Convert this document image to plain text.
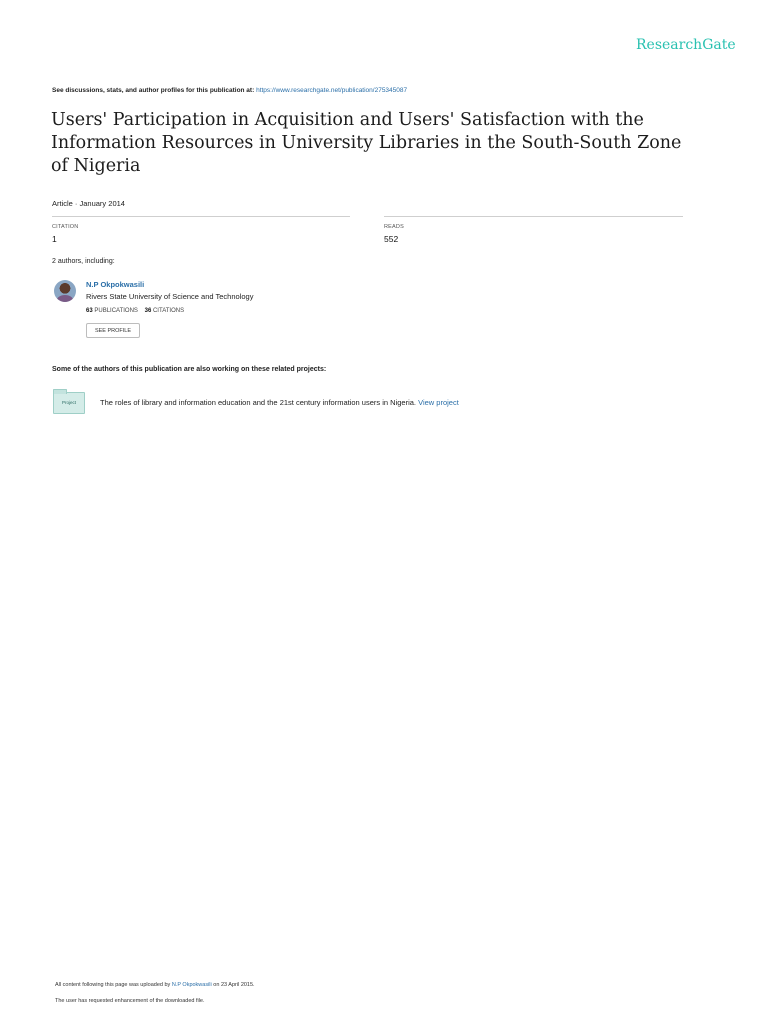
ResearchGate
See discussions, stats, and author profiles for this publication at: https://www.researchgate.net/publication/275345087
Users' Participation in Acquisition and Users' Satisfaction with the Information Resources in University Libraries in the South-South Zone of Nigeria
Article · January 2014
CITATION
1
READS
552
2 authors, including:
N.P Okpokwasili
Rivers State University of Science and Technology
63 PUBLICATIONS 36 CITATIONS
SEE PROFILE
Some of the authors of this publication are also working on these related projects:
Project	The roles of library and information education and the 21st century information users in Nigeria. View project
All content following this page was uploaded by N.P Okpokwasili on 23 April 2015.
The user has requested enhancement of the downloaded file.
